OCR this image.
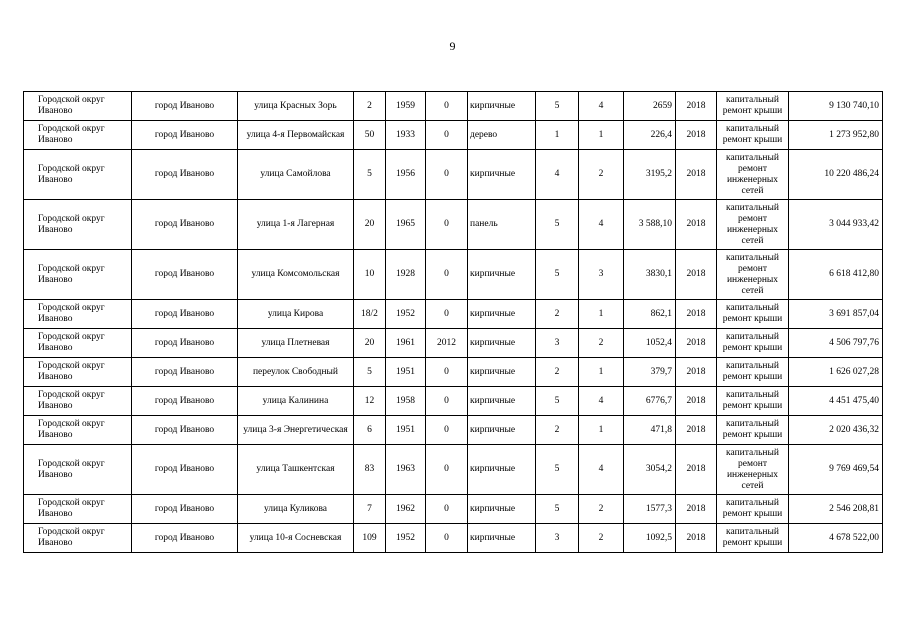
9
Городской округ Иваново	город Иваново	улица Красных Зорь	2	1959	0	кирпичные	5	4	2659	2018	капитальный ремонт крыши	9 130 740,10
Городской округ Иваново	город Иваново	улица 4-я Первомайская	50	1933	0	дерево	1	1	226,4	2018	капитальный ремонт крыши	1 273 952,80
Городской округ Иваново	город Иваново	улица Самойлова	5	1956	0	кирпичные	4	2	3195,2	2018	капитальный ремонт инженерных сетей	10 220 486,24
Городской округ Иваново	город Иваново	улица 1-я Лагерная	20	1965	0	панель	5	4	3 588,10	2018	капитальный ремонт инженерных сетей	3 044 933,42
Городской округ Иваново	город Иваново	улица Комсомольская	10	1928	0	кирпичные	5	3	3830,1	2018	капитальный ремонт инженерных сетей	6 618 412,80
Городской округ Иваново	город Иваново	улица Кирова	18/2	1952	0	кирпичные	2	1	862,1	2018	капитальный ремонт крыши	3 691 857,04
Городской округ Иваново	город Иваново	улица Плетневая	20	1961	2012	кирпичные	3	2	1052,4	2018	капитальный ремонт крыши	4 506 797,76
Городской округ Иваново	город Иваново	переулок Свободный	5	1951	0	кирпичные	2	1	379,7	2018	капитальный ремонт крыши	1 626 027,28
Городской округ Иваново	город Иваново	улица Калинина	12	1958	0	кирпичные	5	4	6776,7	2018	капитальный ремонт крыши	4 451 475,40
Городской округ Иваново	город Иваново	улица 3-я Энергетическая	6	1951	0	кирпичные	2	1	471,8	2018	капитальный ремонт крыши	2 020 436,32
Городской округ Иваново	город Иваново	улица Ташкентская	83	1963	0	кирпичные	5	4	3054,2	2018	капитальный ремонт инженерных сетей	9 769 469,54
Городской округ Иваново	город Иваново	улица Куликова	7	1962	0	кирпичные	5	2	1577,3	2018	капитальный ремонт крыши	2 546 208,81
Городской округ Иваново	город Иваново	улица 10-я Сосневская	109	1952	0	кирпичные	3	2	1092,5	2018	капитальный ремонт крыши	4 678 522,00
